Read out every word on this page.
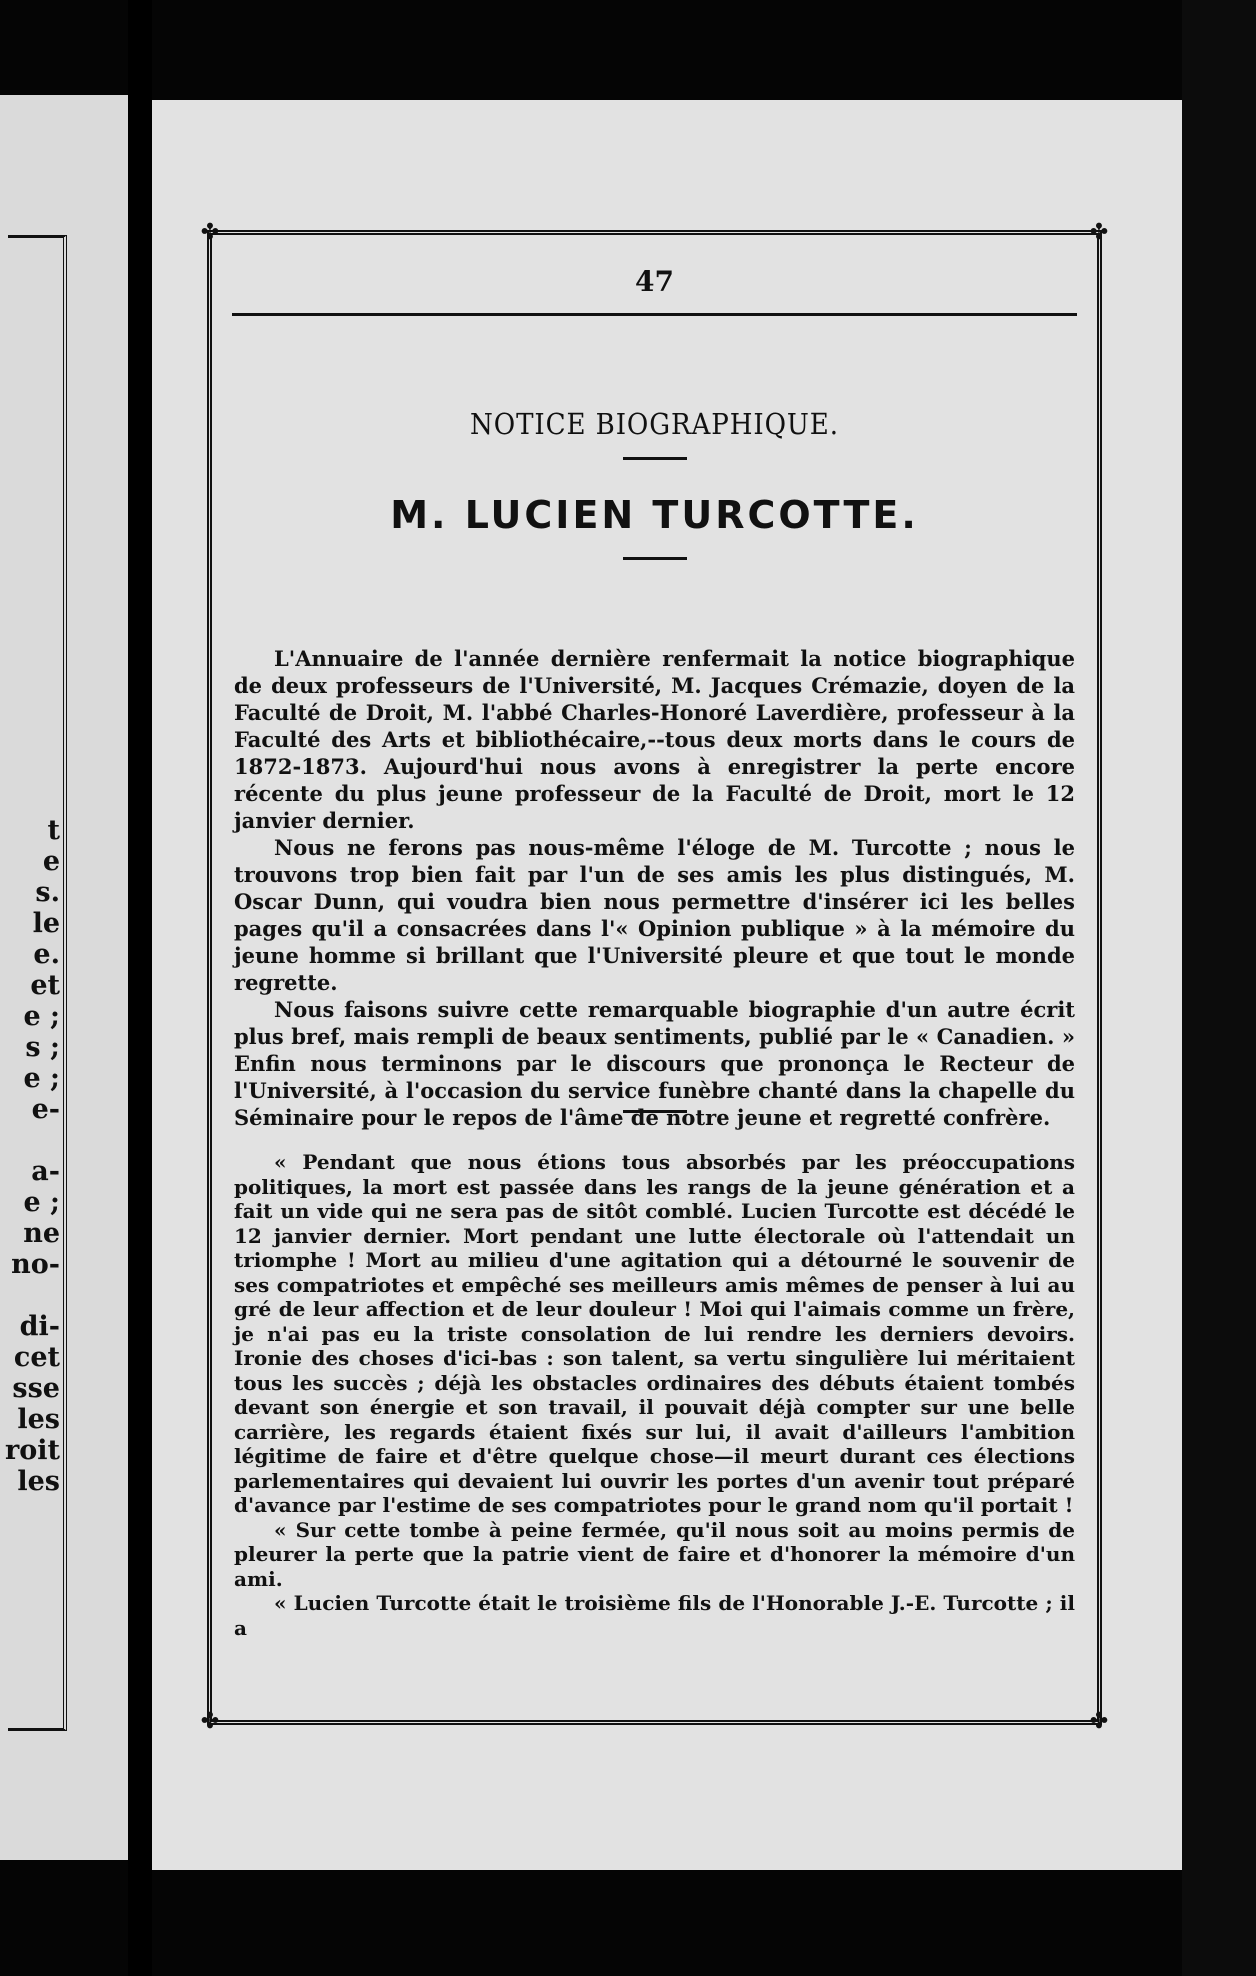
t
e
s.
le
e.
et
e ;
s ;
e ;
e-

a-
e ;
ne
no-

di-
cet
sse
les
roit
les
✤	✤
✤	✤
47
NOTICE BIOGRAPHIQUE.
M. LUCIEN TURCOTTE.

L'Annuaire de l'année dernière renfermait la notice biographique de deux professeurs de l'Université, M. Jacques Crémazie, doyen de la Faculté de Droit, M. l'abbé Charles-Honoré Laverdière, professeur à la Faculté des Arts et bibliothécaire,--tous deux morts dans le cours de 1872-1873. Aujourd'hui nous avons à enregistrer la perte encore récente du plus jeune professeur de la Faculté de Droit, mort le 12 janvier dernier.

Nous ne ferons pas nous-même l'éloge de M. Turcotte ; nous le trouvons trop bien fait par l'un de ses amis les plus distingués, M. Oscar Dunn, qui voudra bien nous permettre d'insérer ici les belles pages qu'il a consacrées dans l'« Opinion publique » à la mémoire du jeune homme si brillant que l'Université pleure et que tout le monde regrette.

Nous faisons suivre cette remarquable biographie d'un autre écrit plus bref, mais rempli de beaux sentiments, publié par le « Canadien. » Enfin nous terminons par le discours que prononça le Recteur de l'Université, à l'occasion du service funèbre chanté dans la chapelle du Séminaire pour le repos de l'âme de notre jeune et regretté confrère.

« Pendant que nous étions tous absorbés par les préoccupations politiques, la mort est passée dans les rangs de la jeune génération et a fait un vide qui ne sera pas de sitôt comblé. Lucien Turcotte est décédé le 12 janvier dernier. Mort pendant une lutte électorale où l'attendait un triomphe ! Mort au milieu d'une agitation qui a détourné le souvenir de ses compatriotes et empêché ses meilleurs amis mêmes de penser à lui au gré de leur affection et de leur douleur ! Moi qui l'aimais comme un frère, je n'ai pas eu la triste consolation de lui rendre les derniers devoirs. Ironie des choses d'ici-bas : son talent, sa vertu singulière lui méritaient tous les succès ; déjà les obstacles ordinaires des débuts étaient tombés devant son énergie et son travail, il pouvait déjà compter sur une belle carrière, les regards étaient fixés sur lui, il avait d'ailleurs l'ambition légitime de faire et d'être quelque chose—il meurt durant ces élections parlementaires qui devaient lui ouvrir les portes d'un avenir tout préparé d'avance par l'estime de ses compatriotes pour le grand nom qu'il portait !

« Sur cette tombe à peine fermée, qu'il nous soit au moins permis de pleurer la perte que la patrie vient de faire et d'honorer la mémoire d'un ami.

« Lucien Turcotte était le troisième fils de l'Honorable J.-E. Turcotte ; il a
